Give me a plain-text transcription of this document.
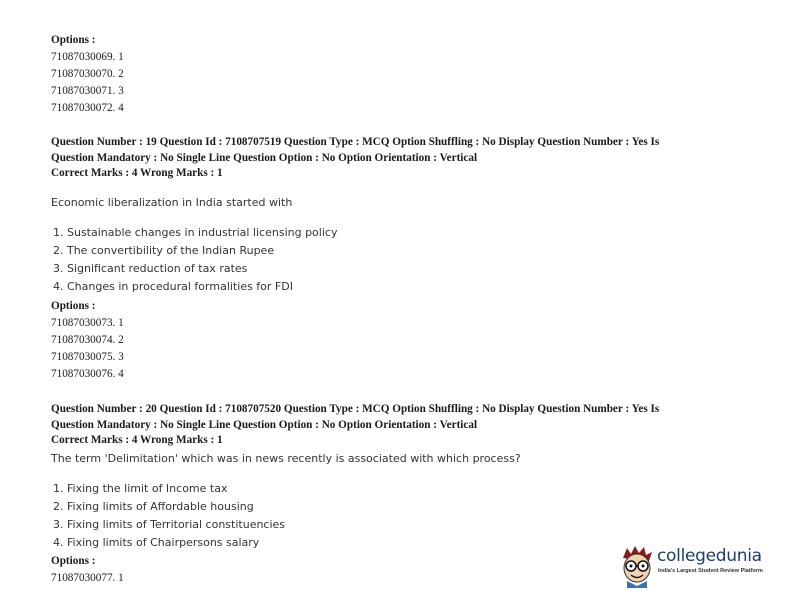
Options :
71087030069. 1
71087030070. 2
71087030071. 3
71087030072. 4
Question Number : 19 Question Id : 7108707519 Question Type : MCQ Option Shuffling : No Display Question Number : Yes Is
Question Mandatory : No Single Line Question Option : No Option Orientation : Vertical
Correct Marks : 4 Wrong Marks : 1
Economic liberalization in India started with
1. Sustainable changes in industrial licensing policy
2. The convertibility of the Indian Rupee
3. Significant reduction of tax rates
4. Changes in procedural formalities for FDI
Options :
71087030073. 1
71087030074. 2
71087030075. 3
71087030076. 4
Question Number : 20 Question Id : 7108707520 Question Type : MCQ Option Shuffling : No Display Question Number : Yes Is
Question Mandatory : No Single Line Question Option : No Option Orientation : Vertical
Correct Marks : 4 Wrong Marks : 1
The term 'Delimitation' which was in news recently is associated with which process?
1. Fixing the limit of Income tax
2. Fixing limits of Affordable housing
3. Fixing limits of Territorial constituencies
4. Fixing limits of Chairpersons salary
Options :
71087030077. 1
collegedunia
India's Largest Student Review Platform
